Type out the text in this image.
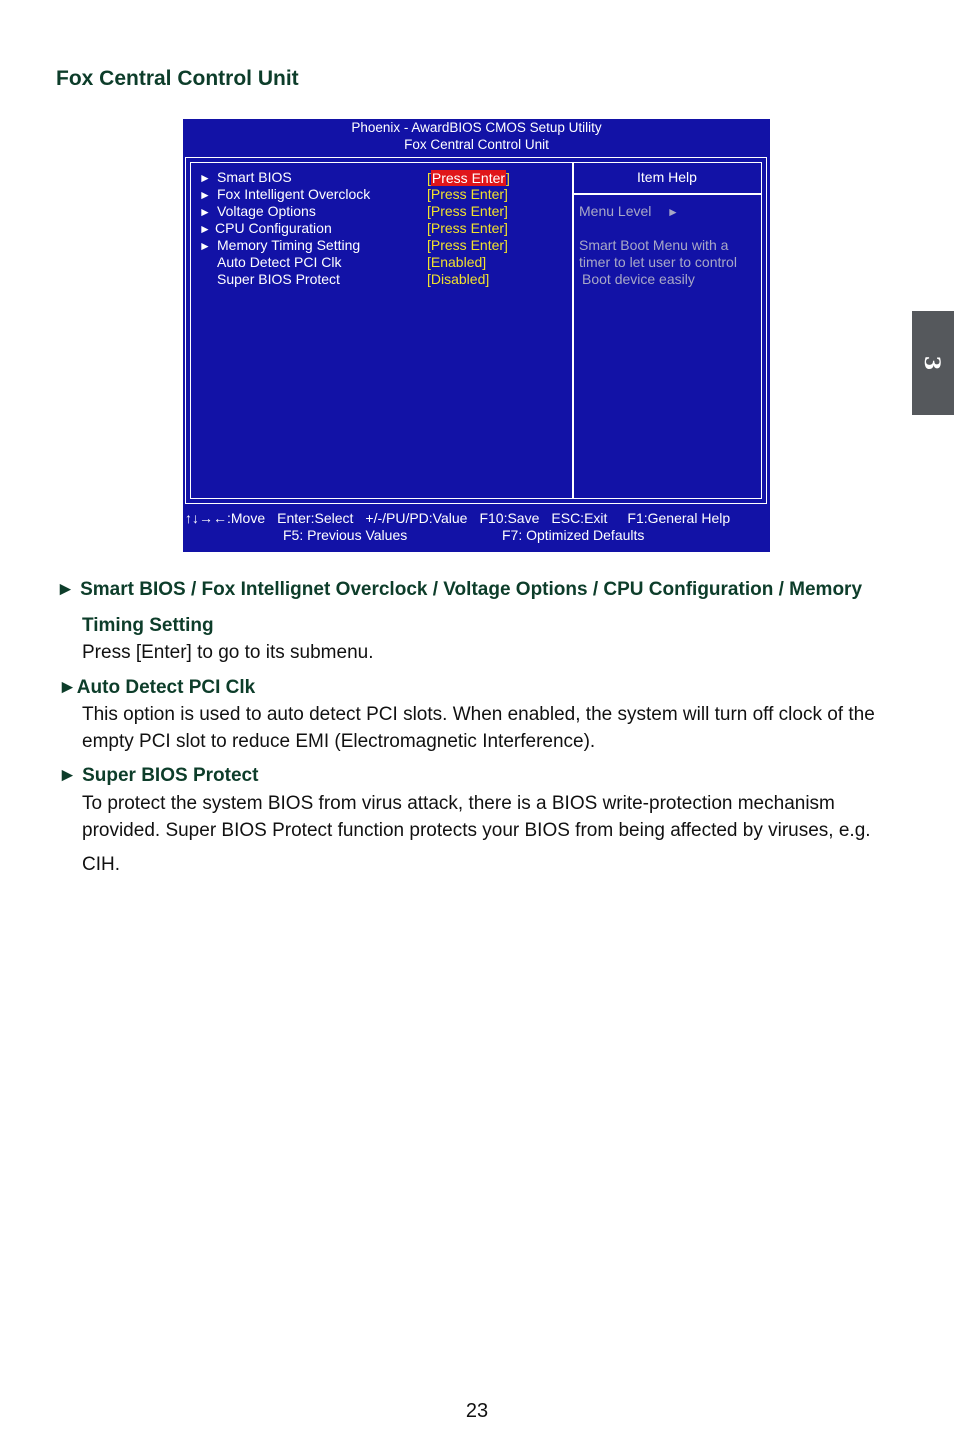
Fox Central Control Unit
3
Phoenix - AwardBIOS CMOS Setup Utility
Fox Central Control Unit
► Smart BIOS	[Press Enter]
► Fox Intelligent Overclock	[Press Enter]
► Voltage Options	[Press Enter]
► CPU Configuration	[Press Enter]
► Memory Timing Setting	[Press Enter]
Auto Detect PCI Clk	[Enabled]
Super BIOS Protect	[Disabled]
Item Help
Menu Level ►
Smart Boot Menu with a
timer to let user to control
Boot device easily
↑↓→←:Move Enter:Select +/-/PU/PD:Value F10:Save ESC:Exit F1:General Help
F5: Previous Values	F7: Optimized Defaults
► Smart BIOS / Fox Intellignet Overclock / Voltage Options / CPU Configuration / Memory
Timing Setting
Press [Enter] to go to its submenu.
►Auto Detect PCI Clk
This option is used to auto detect PCI slots. When enabled, the system will turn off clock of the
empty PCI slot to reduce EMI (Electromagnetic Interference).
► Super BIOS Protect
To protect the system BIOS from virus attack, there is a BIOS write-protection mechanism
provided. Super BIOS Protect function protects your BIOS from being affected by viruses, e.g.
CIH.
23
